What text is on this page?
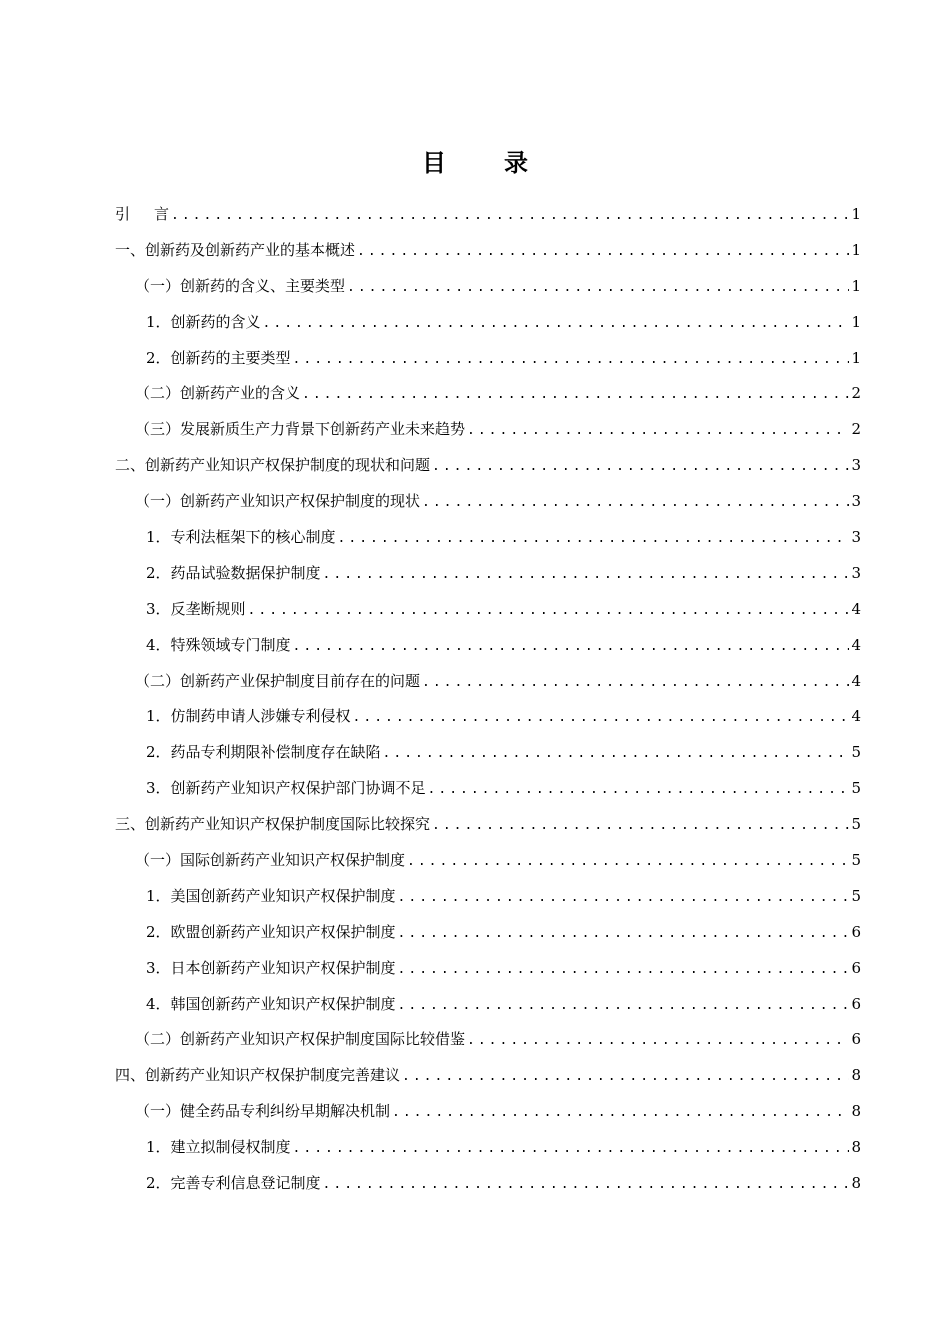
目 录
引 言 .....	1
一、创新药及创新药产业的基本概述 .....	1
（一）创新药的含义、主要类型 .....	1
1．创新药的含义 .....	1
2．创新药的主要类型 .....	1
（二）创新药产业的含义 .....	2
（三）发展新质生产力背景下创新药产业未来趋势 .....	2
二、创新药产业知识产权保护制度的现状和问题 .....	3
（一）创新药产业知识产权保护制度的现状 .....	3
1．专利法框架下的核心制度 .....	3
2．药品试验数据保护制度 .....	3
3．反垄断规则 .....	4
4．特殊领域专门制度 .....	4
（二）创新药产业保护制度目前存在的问题 .....	4
1．仿制药申请人涉嫌专利侵权 .....	4
2．药品专利期限补偿制度存在缺陷 .....	5
3．创新药产业知识产权保护部门协调不足 .....	5
三、创新药产业知识产权保护制度国际比较探究 .....	5
（一）国际创新药产业知识产权保护制度 .....	5
1．美国创新药产业知识产权保护制度 .....	5
2．欧盟创新药产业知识产权保护制度 .....	6
3．日本创新药产业知识产权保护制度 .....	6
4．韩国创新药产业知识产权保护制度 .....	6
（二）创新药产业知识产权保护制度国际比较借鉴 .....	6
四、创新药产业知识产权保护制度完善建议 .....	8
（一）健全药品专利纠纷早期解决机制 .....	8
1．建立拟制侵权制度 .....	8
2．完善专利信息登记制度 .....	8
